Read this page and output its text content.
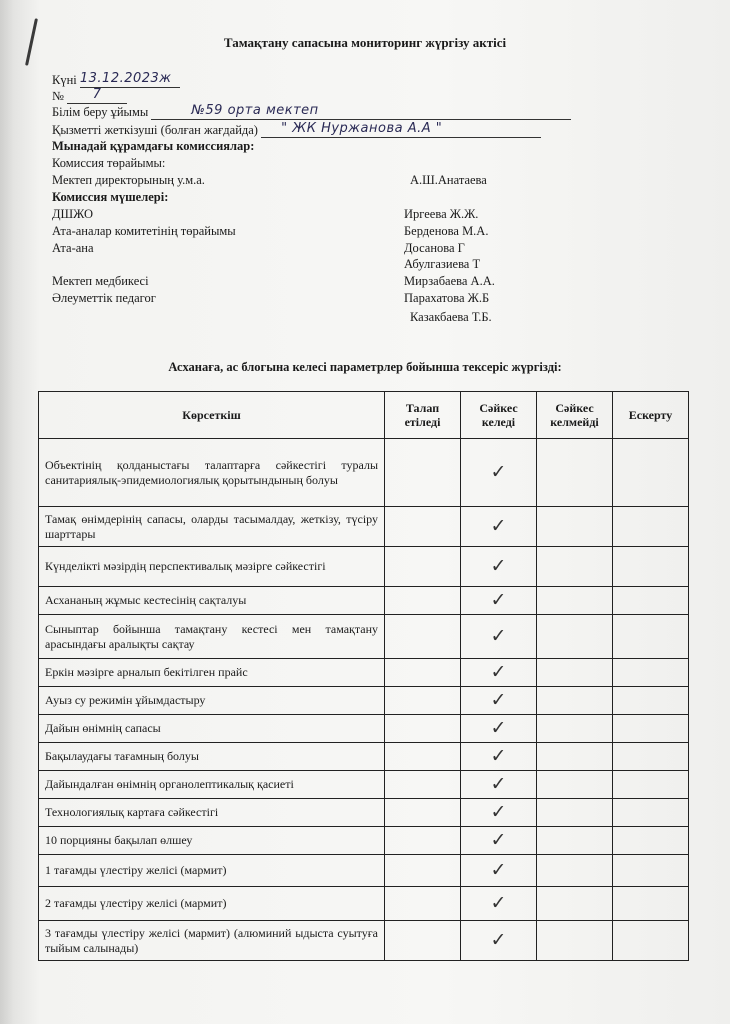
Тамақтану сапасына мониторинг жүргізу актісі
Күні 13.12.2023ж
№ 7
Білім беру ұйымы	№59 орта мектеп
Қызметті жеткізуші (болған жағдайда) " ЖК Нуржанова А.А "
Мынадай құрамдағы комиссиялар:
Комиссия төрайымы:
Мектеп директорының у.м.а.	А.Ш.Анатаева
Комиссия мүшелері:
ДШЖО	Иргеева Ж.Ж.
Ата-аналар комитетінің төрайымы	Берденова М.А.
Ата-ана	Досанова Г
Абулгазиева Т
Мектеп медбикесі	Мирзабаева А.А.
Әлеуметтік педагог	Парахатова Ж.Б
Казакбаева Т.Б.
Асханаға, ас блогына келесі параметрлер бойынша тексеріс жүргізді:
Көрсеткіш	Талап етіледі	Сәйкес келеді	Сәйкес келмейді	Ескерту
Объектінің қолданыстағы талаптарға сәйкестігі туралы санитариялық-эпидемиологиялық қорытындының болуы		✓		
Тамақ өнімдерінің сапасы, оларды тасымалдау, жеткізу, түсіру шарттары		✓		
Күнделікті мәзірдің перспективалық мәзірге сәйкестігі		✓		
Асхананың жұмыс кестесінің сақталуы		✓		
Сыныптар бойынша тамақтану кестесі мен тамақтану арасындағы аралықты сақтау		✓		
Еркін мәзірге арналып бекітілген прайс		✓		
Ауыз су режимін ұйымдастыру		✓		
Дайын өнімнің сапасы		✓		
Бақылаудағы тағамның болуы		✓		
Дайындалған өнімнің органолептикалық қасиеті		✓		
Технологиялық картаға сәйкестігі		✓		
10 порцияны бақылап өлшеу		✓		
1 тағамды үлестіру желісі (мармит)		✓		
2 тағамды үлестіру желісі (мармит)		✓		
3 тағамды үлестіру желісі (мармит) (алюминий ыдыста суытуға тыйым салынады)		✓		
